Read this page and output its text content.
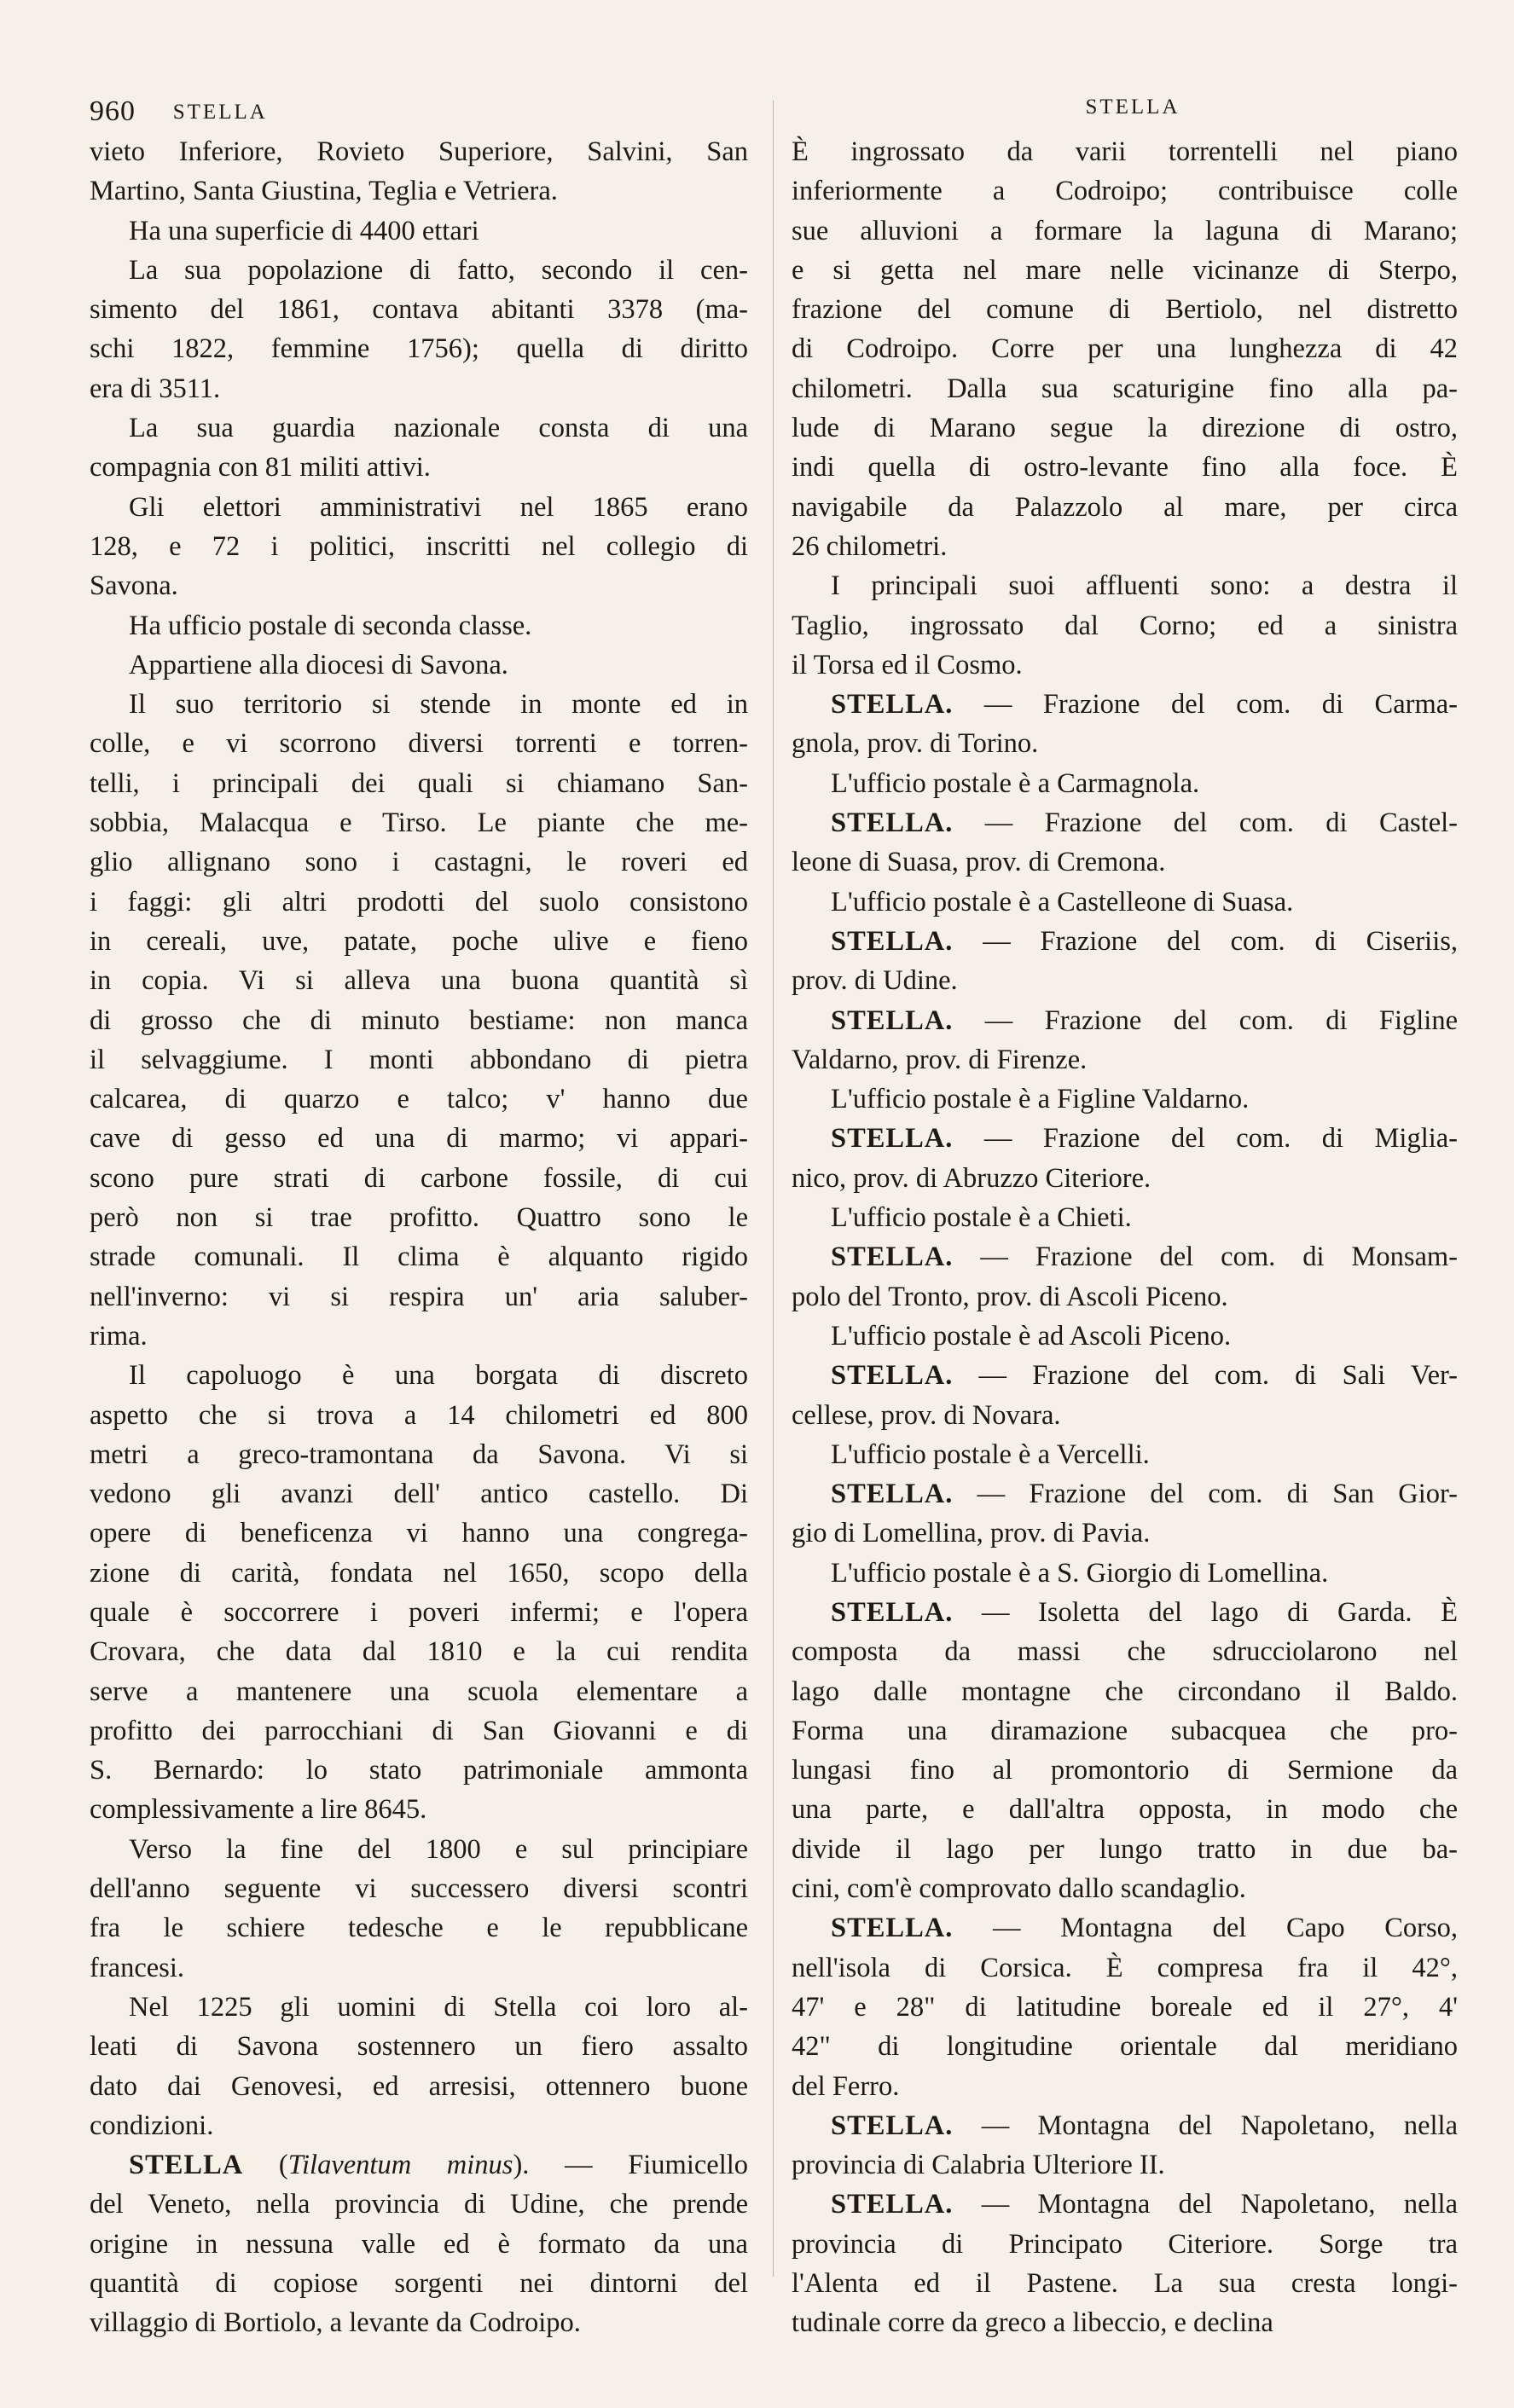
960 STELLA	STELLA

vieto Inferiore, Rovieto Superiore, Salvini, San
Martino, Santa Giustina, Teglia e Vetriera.

Ha una superficie di 4400 ettari

La sua popolazione di fatto, secondo il cen-
simento del 1861, contava abitanti 3378 (ma-
schi 1822, femmine 1756); quella di diritto
era di 3511.

La sua guardia nazionale consta di una
compagnia con 81 militi attivi.

Gli elettori amministrativi nel 1865 erano
128, e 72 i politici, inscritti nel collegio di
Savona.

Ha ufficio postale di seconda classe.

Appartiene alla diocesi di Savona.

Il suo territorio si stende in monte ed in
colle, e vi scorrono diversi torrenti e torren-
telli, i principali dei quali si chiamano San-
sobbia, Malacqua e Tirso. Le piante che me-
glio allignano sono i castagni, le roveri ed
i faggi: gli altri prodotti del suolo consistono
in cereali, uve, patate, poche ulive e fieno
in copia. Vi si alleva una buona quantità sì
di grosso che di minuto bestiame: non manca
il selvaggiume. I monti abbondano di pietra
calcarea, di quarzo e talco; v' hanno due
cave di gesso ed una di marmo; vi appari-
scono pure strati di carbone fossile, di cui
però non si trae profitto. Quattro sono le
strade comunali. Il clima è alquanto rigido
nell'inverno: vi si respira un' aria saluber-
rima.

Il capoluogo è una borgata di discreto
aspetto che si trova a 14 chilometri ed 800
metri a greco-tramontana da Savona. Vi si
vedono gli avanzi dell' antico castello. Di
opere di beneficenza vi hanno una congrega-
zione di carità, fondata nel 1650, scopo della
quale è soccorrere i poveri infermi; e l'opera
Crovara, che data dal 1810 e la cui rendita
serve a mantenere una scuola elementare a
profitto dei parrocchiani di San Giovanni e di
S. Bernardo: lo stato patrimoniale ammonta
complessivamente a lire 8645.

Verso la fine del 1800 e sul principiare
dell'anno seguente vi successero diversi scontri
fra le schiere tedesche e le repubblicane
francesi.

Nel 1225 gli uomini di Stella coi loro al-
leati di Savona sostennero un fiero assalto
dato dai Genovesi, ed arresisi, ottennero buone
condizioni.

STELLA (Tilaventum minus). — Fiumicello
del Veneto, nella provincia di Udine, che prende
origine in nessuna valle ed è formato da una
quantità di copiose sorgenti nei dintorni del
villaggio di Bortiolo, a levante da Codroipo.

È ingrossato da varii torrentelli nel piano
inferiormente a Codroipo; contribuisce colle
sue alluvioni a formare la laguna di Marano;
e si getta nel mare nelle vicinanze di Sterpo,
frazione del comune di Bertiolo, nel distretto
di Codroipo. Corre per una lunghezza di 42
chilometri. Dalla sua scaturigine fino alla pa-
lude di Marano segue la direzione di ostro,
indi quella di ostro-levante fino alla foce. È
navigabile da Palazzolo al mare, per circa
26 chilometri.

I principali suoi affluenti sono: a destra il
Taglio, ingrossato dal Corno; ed a sinistra
il Torsa ed il Cosmo.

STELLA. — Frazione del com. di Carma-
gnola, prov. di Torino.

L'ufficio postale è a Carmagnola.

STELLA. — Frazione del com. di Castel-
leone di Suasa, prov. di Cremona.

L'ufficio postale è a Castelleone di Suasa.

STELLA. — Frazione del com. di Ciseriis,
prov. di Udine.

STELLA. — Frazione del com. di Figline
Valdarno, prov. di Firenze.

L'ufficio postale è a Figline Valdarno.

STELLA. — Frazione del com. di Miglia-
nico, prov. di Abruzzo Citeriore.

L'ufficio postale è a Chieti.

STELLA. — Frazione del com. di Monsam-
polo del Tronto, prov. di Ascoli Piceno.

L'ufficio postale è ad Ascoli Piceno.

STELLA. — Frazione del com. di Sali Ver-
cellese, prov. di Novara.

L'ufficio postale è a Vercelli.

STELLA. — Frazione del com. di San Gior-
gio di Lomellina, prov. di Pavia.

L'ufficio postale è a S. Giorgio di Lomellina.

STELLA. — Isoletta del lago di Garda. È
composta da massi che sdrucciolarono nel
lago dalle montagne che circondano il Baldo.
Forma una diramazione subacquea che pro-
lungasi fino al promontorio di Sermione da
una parte, e dall'altra opposta, in modo che
divide il lago per lungo tratto in due ba-
cini, com'è comprovato dallo scandaglio.

STELLA. — Montagna del Capo Corso,
nell'isola di Corsica. È compresa fra il 42°,
47' e 28" di latitudine boreale ed il 27°, 4'
42" di longitudine orientale dal meridiano
del Ferro.

STELLA. — Montagna del Napoletano, nella
provincia di Calabria Ulteriore II.

STELLA. — Montagna del Napoletano, nella
provincia di Principato Citeriore. Sorge tra
l'Alenta ed il Pastene. La sua cresta longi-
tudinale corre da greco a libeccio, e declina
